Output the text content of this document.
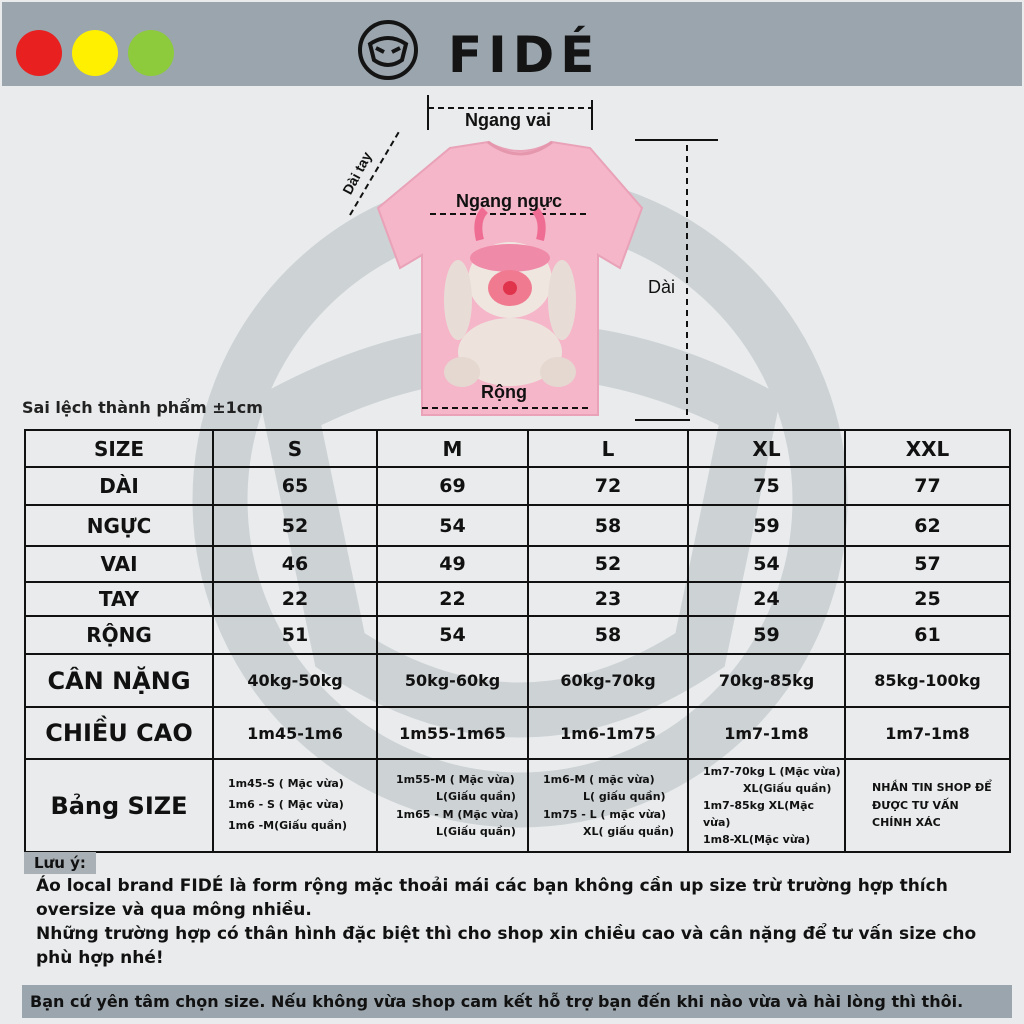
FIDÉ
Ngang vai
Dài tay
Ngang ngực
Dài
Rộng
Sai lệch thành phẩm ±1cm
SIZE	S	M	L	XL	XXL
DÀI	65	69	72	75	77
NGỰC	52	54	58	59	62
VAI	46	49	52	54	57
TAY	22	22	23	24	25
RỘNG	51	54	58	59	61
CÂN NẶNG	40kg-50kg	50kg-60kg	60kg-70kg	70kg-85kg	85kg-100kg
CHIỀU CAO	1m45-1m6	1m55-1m65	1m6-1m75	1m7-1m8	1m7-1m8
Bảng SIZE	1m45-S ( Mặc vừa)
1m6 - S ( Mặc vừa)
1m6 -M(Giấu quần)	1m55-M ( Mặc vừa)
L(Giấu quần)
1m65 - M (Mặc vừa)
L(Giấu quần)	1m6-M ( mặc vừa)
L( giấu quần)
1m75 - L ( mặc vừa)
XL( giấu quần)	1m7-70kg L (Mặc vừa)
XL(Giấu quần)
1m7-85kg XL(Mặc vừa)
1m8-XL(Mặc vừa)	NHẮN TIN SHOP ĐỂ
ĐƯỢC TƯ VẤN
CHÍNH XÁC
Lưu ý:

Áo local brand FIDÉ là form rộng mặc thoải mái các bạn không cần up size trừ trường hợp thích oversize và qua mông nhiều.

Những trường hợp có thân hình đặc biệt thì cho shop xin chiều cao và cân nặng để tư vấn size cho phù hợp nhé!

Bạn cứ yên tâm chọn size. Nếu không vừa shop cam kết hỗ trợ bạn đến khi nào vừa và hài lòng thì thôi.
